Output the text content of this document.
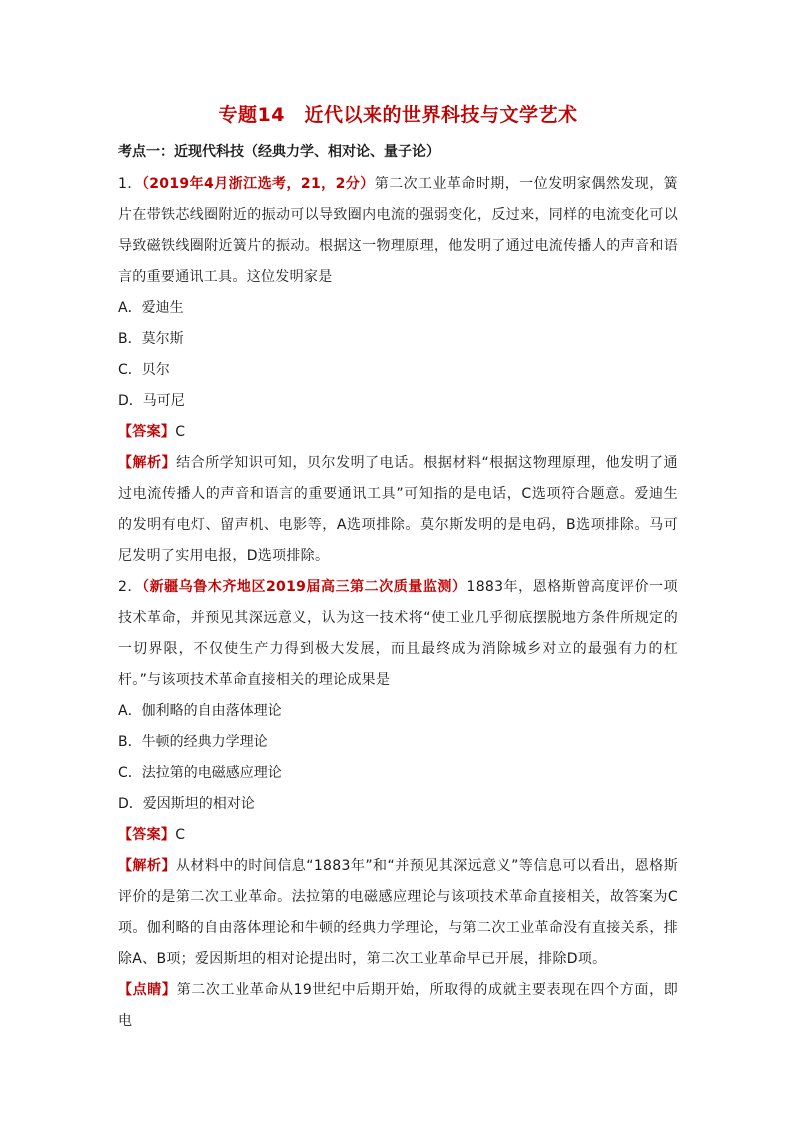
专题14　近代以来的世界科技与文学艺术
考点一：近现代科技（经典力学、相对论、量子论）

1．（2019年4月浙江选考，21，2分）第二次工业革命时期，一位发明家偶然发现，簧片在带铁芯线圈附近的振动可以导致圈内电流的强弱变化，反过来，同样的电流变化可以导致磁铁线圈附近簧片的振动。根据这一物理原理，他发明了通过电流传播人的声音和语言的重要通讯工具。这位发明家是

A．爱迪生
B．莫尔斯
C．贝尔
D．马可尼

【答案】C

【解析】结合所学知识可知，贝尔发明了电话。根据材料“根据这物理原理，他发明了通过电流传播人的声音和语言的重要通讯工具”可知指的是电话，C选项符合题意。爱迪生的发明有电灯、留声机、电影等，A选项排除。莫尔斯发明的是电码，B选项排除。马可尼发明了实用电报，D选项排除。

2．（新疆乌鲁木齐地区2019届高三第二次质量监测）1883年，恩格斯曾高度评价一项技术革命，并预见其深远意义，认为这一技术将“使工业几乎彻底摆脱地方条件所规定的一切界限，不仅使生产力得到极大发展，而且最终成为消除城乡对立的最强有力的杠杆。”与该项技术革命直接相关的理论成果是

A．伽利略的自由落体理论
B．牛顿的经典力学理论
C．法拉第的电磁感应理论
D．爱因斯坦的相对论

【答案】C

【解析】从材料中的时间信息“1883年”和“并预见其深远意义”等信息可以看出，恩格斯评价的是第二次工业革命。法拉第的电磁感应理论与该项技术革命直接相关，故答案为C项。伽利略的自由落体理论和牛顿的经典力学理论，与第二次工业革命没有直接关系，排除A、B项；爱因斯坦的相对论提出时，第二次工业革命早已开展，排除D项。

【点睛】第二次工业革命从19世纪中后期开始，所取得的成就主要表现在四个方面，即电
